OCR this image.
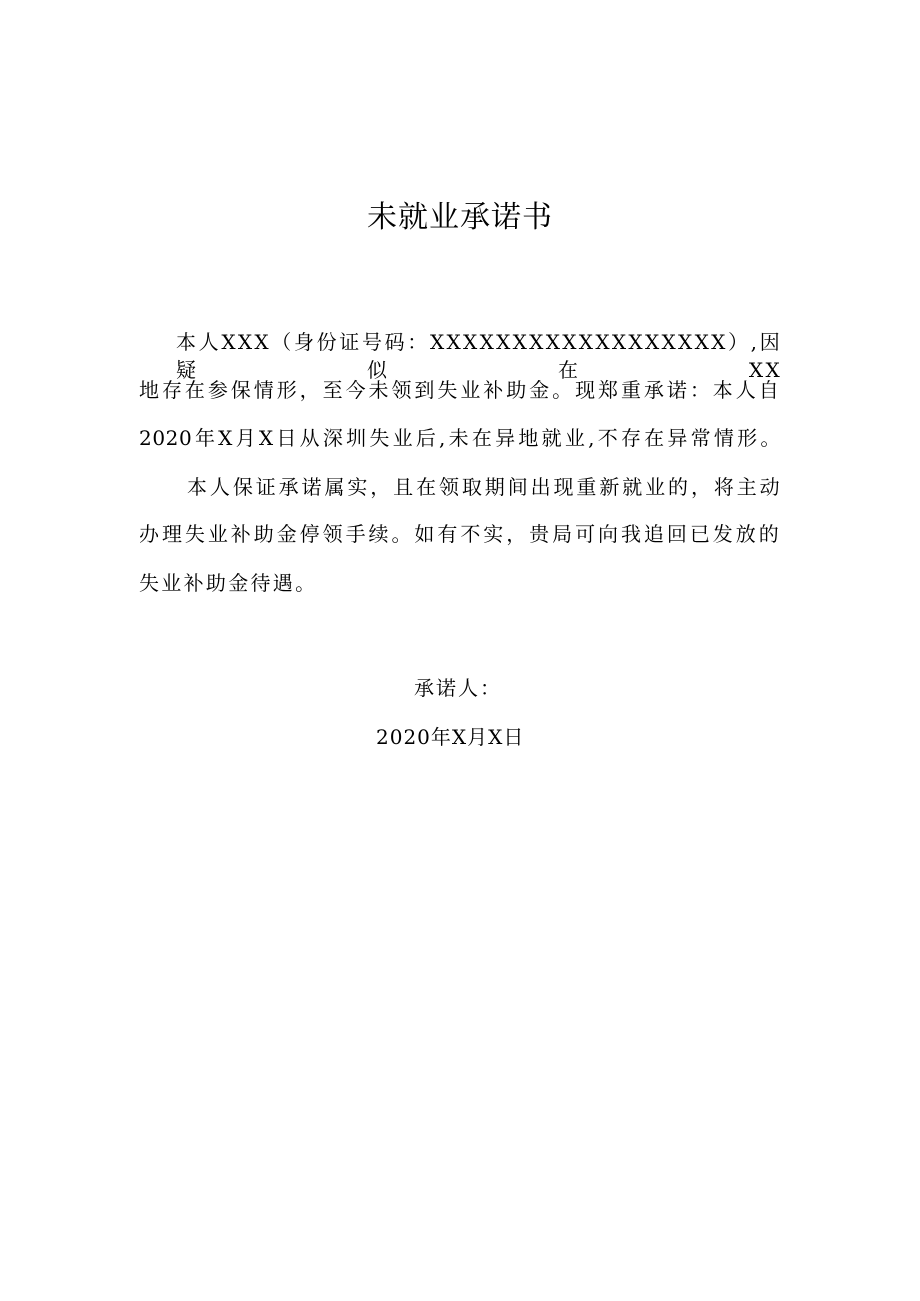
未就业承诺书
本人XXX（身份证号码：XXXXXXXXXXXXXXXXXX）,因疑似在XX
地存在参保情形，至今未领到失业补助金。现郑重承诺：本人自
2020年X月X日从深圳失业后,未在异地就业,不存在异常情形。
本人保证承诺属实，且在领取期间出现重新就业的，将主动
办理失业补助金停领手续。如有不实，贵局可向我追回已发放的
失业补助金待遇。
承诺人：
2020年X月X日
